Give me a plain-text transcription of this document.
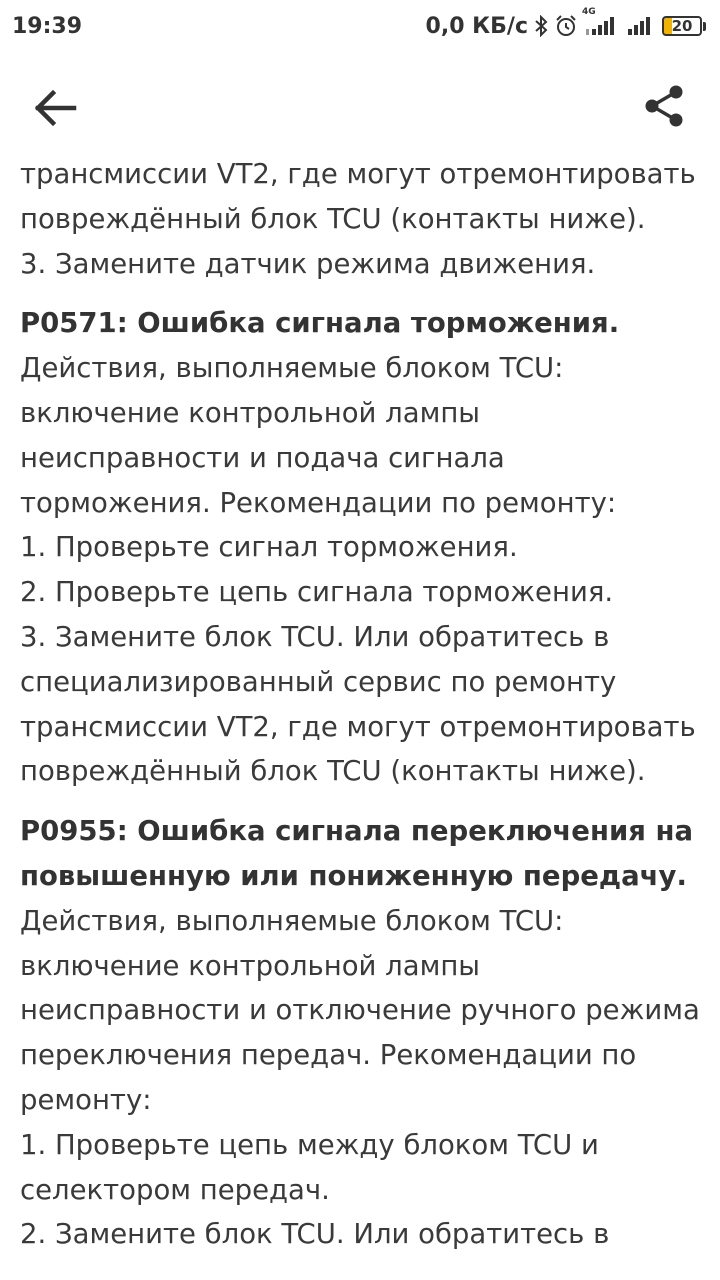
19:39	0,0 КБ/с
4G
20

трансмиссии VT2, где могут отремонтировать
повреждённый блок TCU (контакты ниже).
3. Замените датчик режима движения.

P0571: Ошибка сигнала торможения.
Действия, выполняемые блоком TCU:
включение контрольной лампы
неисправности и подача сигнала
торможения. Рекомендации по ремонту:
1. Проверьте сигнал торможения.
2. Проверьте цепь сигнала торможения.
3. Замените блок TCU. Или обратитесь в
специализированный сервис по ремонту
трансмиссии VT2, где могут отремонтировать
повреждённый блок TCU (контакты ниже).

P0955: Ошибка сигнала переключения на
повышенную или пониженную передачу.
Действия, выполняемые блоком TCU:
включение контрольной лампы
неисправности и отключение ручного режима
переключения передач. Рекомендации по
ремонту:
1. Проверьте цепь между блоком TCU и
селектором передач.
2. Замените блок TCU. Или обратитесь в
